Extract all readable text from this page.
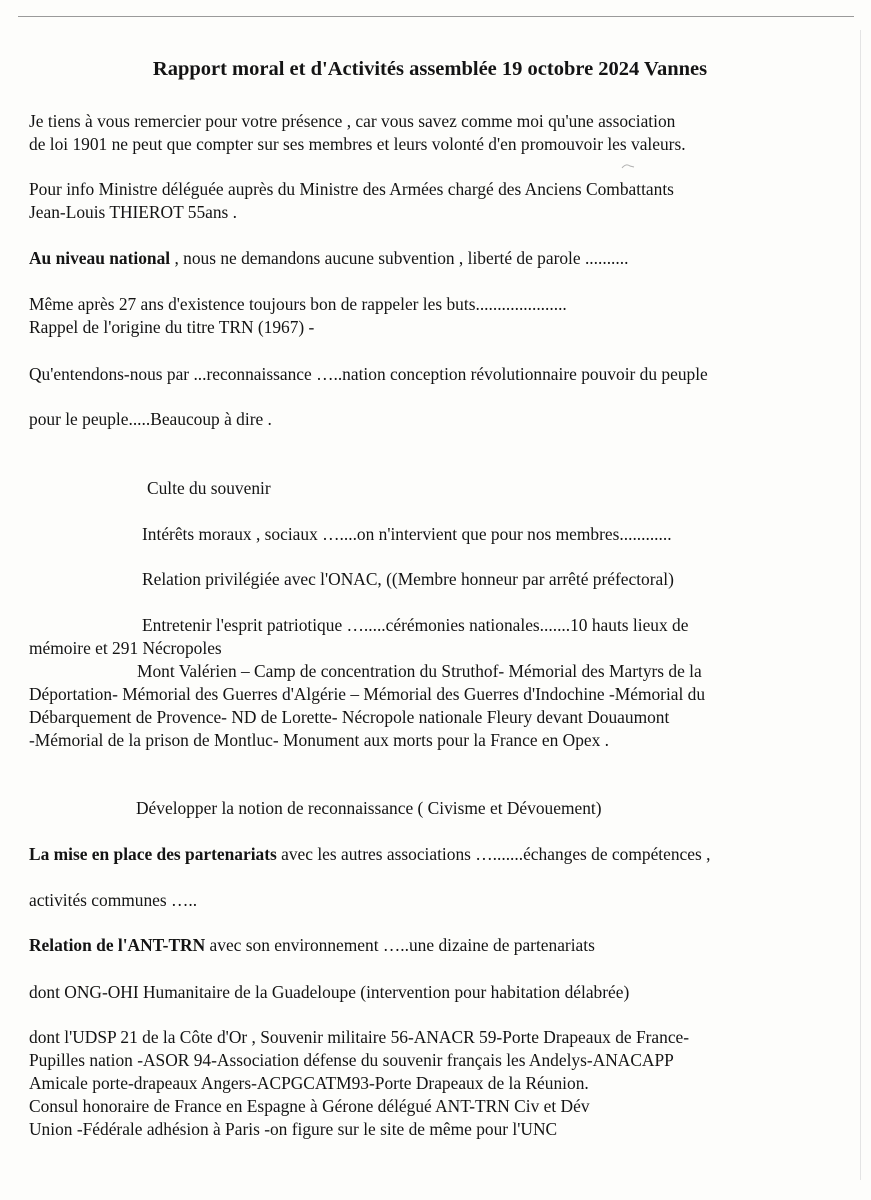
Rapport moral et d'Activités assemblée 19 octobre 2024 Vannes

Je tiens à vous remercier pour votre présence , car vous savez comme moi qu'une association

de loi 1901 ne peut que compter sur ses membres et leurs volonté d'en promouvoir les valeurs.

Pour info Ministre déléguée auprès du Ministre des Armées chargé des Anciens Combattants

Jean-Louis THIEROT 55ans .

Au niveau national , nous ne demandons aucune subvention , liberté de parole ..........

Même après 27 ans d'existence toujours bon de rappeler les buts.....................

Rappel de l'origine du titre TRN (1967) -

Qu'entendons-nous par ...reconnaissance …..nation conception révolutionnaire pouvoir du peuple

pour le peuple.....Beaucoup à dire .

Culte du souvenir

Intérêts moraux , sociaux …....on n'intervient que pour nos membres............

Relation privilégiée avec l'ONAC, ((Membre honneur par arrêté préfectoral)

Entretenir l'esprit patriotique ….....cérémonies nationales.......10 hauts lieux de

mémoire et 291 Nécropoles

Mont Valérien – Camp de concentration du Struthof- Mémorial des Martyrs de la

Déportation- Mémorial des Guerres d'Algérie – Mémorial des Guerres d'Indochine -Mémorial du

Débarquement de Provence- ND de Lorette- Nécropole nationale Fleury devant Douaumont

-Mémorial de la prison de Montluc- Monument aux morts pour la France en Opex .

Développer la notion de reconnaissance ( Civisme et Dévouement)

La mise en place des partenariats avec les autres associations ….......échanges de compétences ,

activités communes …..

Relation de l'ANT-TRN avec son environnement …..une dizaine de partenariats

dont ONG-OHI Humanitaire de la Guadeloupe (intervention pour habitation délabrée)

dont l'UDSP 21 de la Côte d'Or , Souvenir militaire 56-ANACR 59-Porte Drapeaux de France-

Pupilles nation -ASOR 94-Association défense du souvenir français les Andelys-ANACAPP

Amicale porte-drapeaux Angers-ACPGCATM93-Porte Drapeaux de la Réunion.

Consul honoraire de France en Espagne à Gérone délégué ANT-TRN Civ et Dév

Union -Fédérale adhésion à Paris -on figure sur le site de même pour l'UNC
